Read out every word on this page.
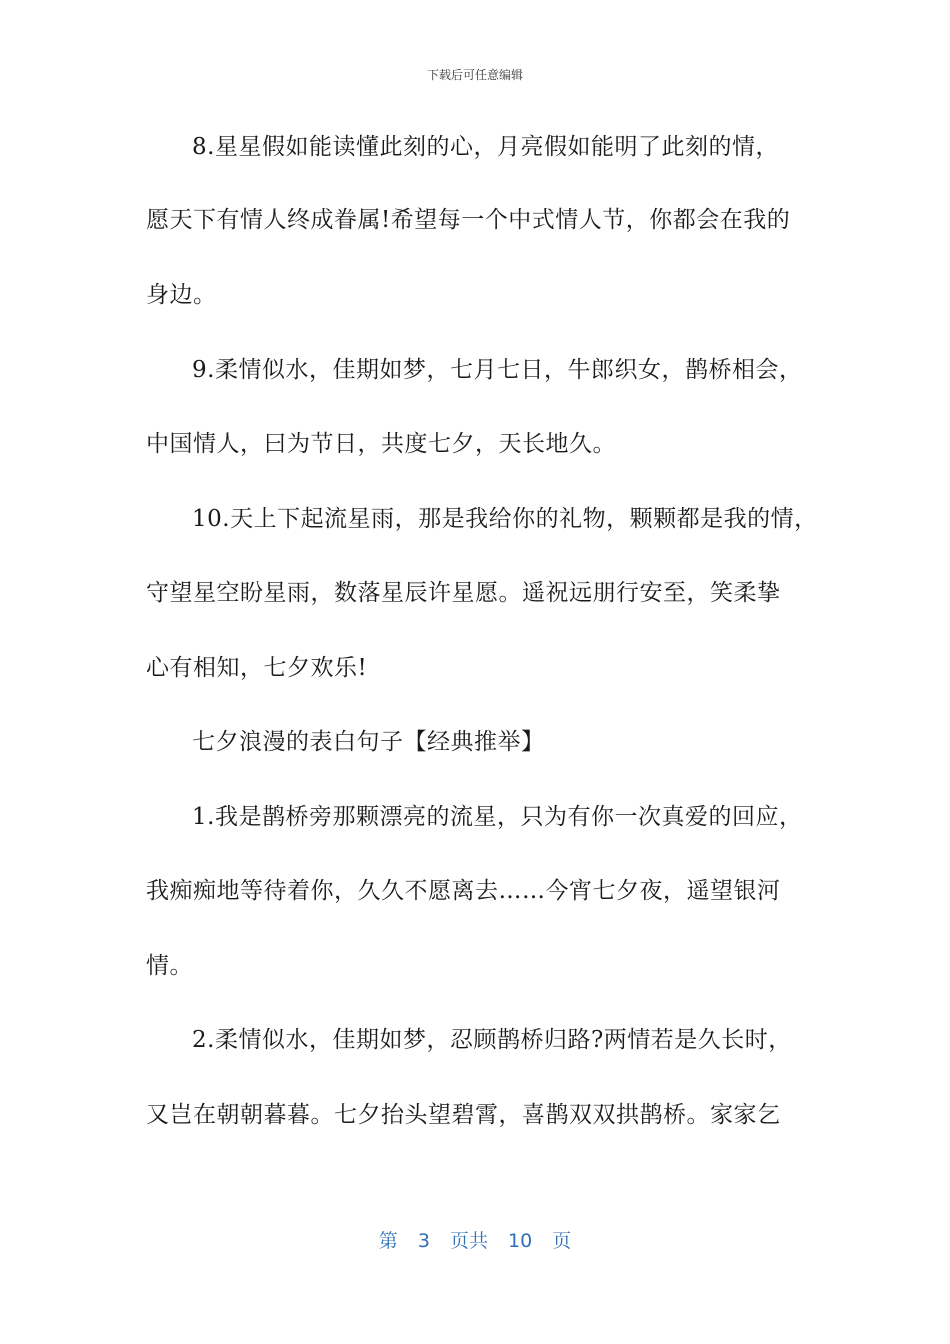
下载后可任意编辑
8.星星假如能读懂此刻的心，月亮假如能明了此刻的情，
愿天下有情人终成眷属!希望每一个中式情人节，你都会在我的
身边。
9.柔情似水，佳期如梦，七月七日，牛郎织女，鹊桥相会，
中国情人，曰为节日，共度七夕，天长地久。
10.天上下起流星雨，那是我给你的礼物，颗颗都是我的情，
守望星空盼星雨，数落星辰许星愿。遥祝远朋行安至，笑柔挚
心有相知，七夕欢乐!
七夕浪漫的表白句子【经典推举】
1.我是鹊桥旁那颗漂亮的流星，只为有你一次真爱的回应，
我痴痴地等待着你，久久不愿离去……今宵七夕夜，遥望银河
情。
2.柔情似水，佳期如梦，忍顾鹊桥归路?两情若是久长时，
又岂在朝朝暮暮。七夕抬头望碧霄，喜鹊双双拱鹊桥。家家乞
第 3 页共 10 页
